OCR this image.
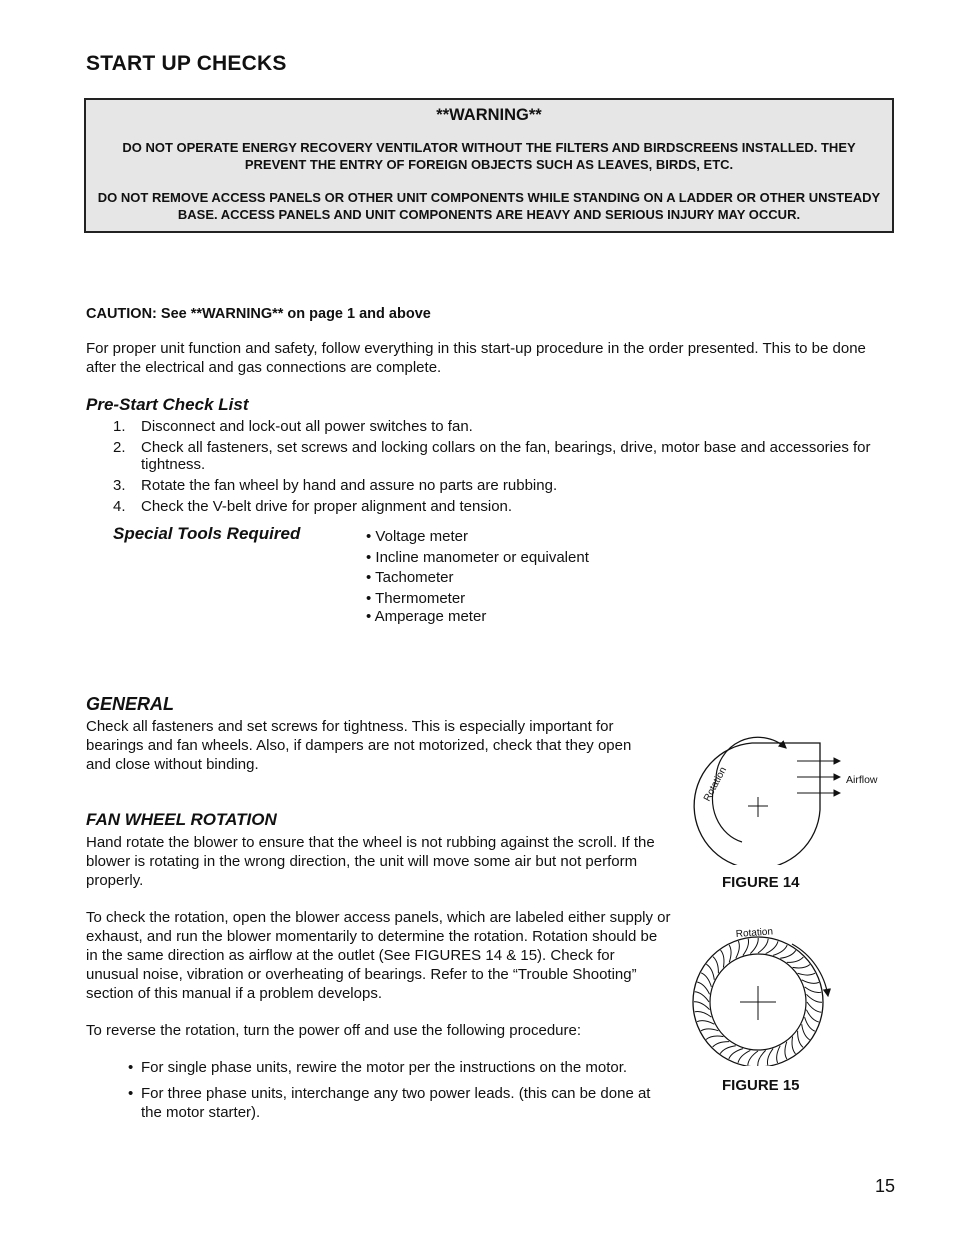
START UP CHECKS
**WARNING**

DO NOT OPERATE ENERGY RECOVERY VENTILATOR WITHOUT THE FILTERS AND BIRDSCREENS INSTALLED. THEY PREVENT THE ENTRY OF FOREIGN OBJECTS SUCH AS LEAVES, BIRDS, ETC.

DO NOT REMOVE ACCESS PANELS OR OTHER UNIT COMPONENTS WHILE STANDING ON A LADDER OR OTHER UNSTEADY BASE. ACCESS PANELS AND UNIT COMPONENTS ARE HEAVY AND SERIOUS INJURY MAY OCCUR.

CAUTION: See **WARNING** on page 1 and above
For proper unit function and safety, follow everything in this start-up procedure in the order presented. This to be done after the electrical and gas connections are complete.
Pre-Start Check List
1. Disconnect and lock-out all power switches to fan.
2. Check all fasteners, set screws and locking collars on the fan, bearings, drive, motor base and accessories for tightness.
3. Rotate the fan wheel by hand and assure no parts are rubbing.
4. Check the V-belt drive for proper alignment and tension.
Special Tools Required	• Voltage meter
• Incline manometer or equivalent
• Tachometer
• Thermometer
• Amperage meter
GENERAL
Check all fasteners and set screws for tightness. This is especially important for bearings and fan wheels. Also, if dampers are not motorized, check that they open and close without binding.
FAN WHEEL ROTATION
Hand rotate the blower to ensure that the wheel is not rubbing against the scroll. If the blower is rotating in the wrong direction, the unit will move some air but not perform properly.
To check the rotation, open the blower access panels, which are labeled either supply or exhaust, and run the blower momentarily to determine the rotation. Rotation should be in the same direction as airflow at the outlet (See FIGURES 14 & 15). Check for unusual noise, vibration or overheating of bearings. Refer to the “Trouble Shooting” section of this manual if a problem develops.
To reverse the rotation, turn the power off and use the following procedure:
• For single phase units, rewire the motor per the instructions on the motor.
• For three phase units, interchange any two power leads. (this can be done at the motor starter).
Airflow
Rotation
FIGURE 14
Rotation
FIGURE 15
15
